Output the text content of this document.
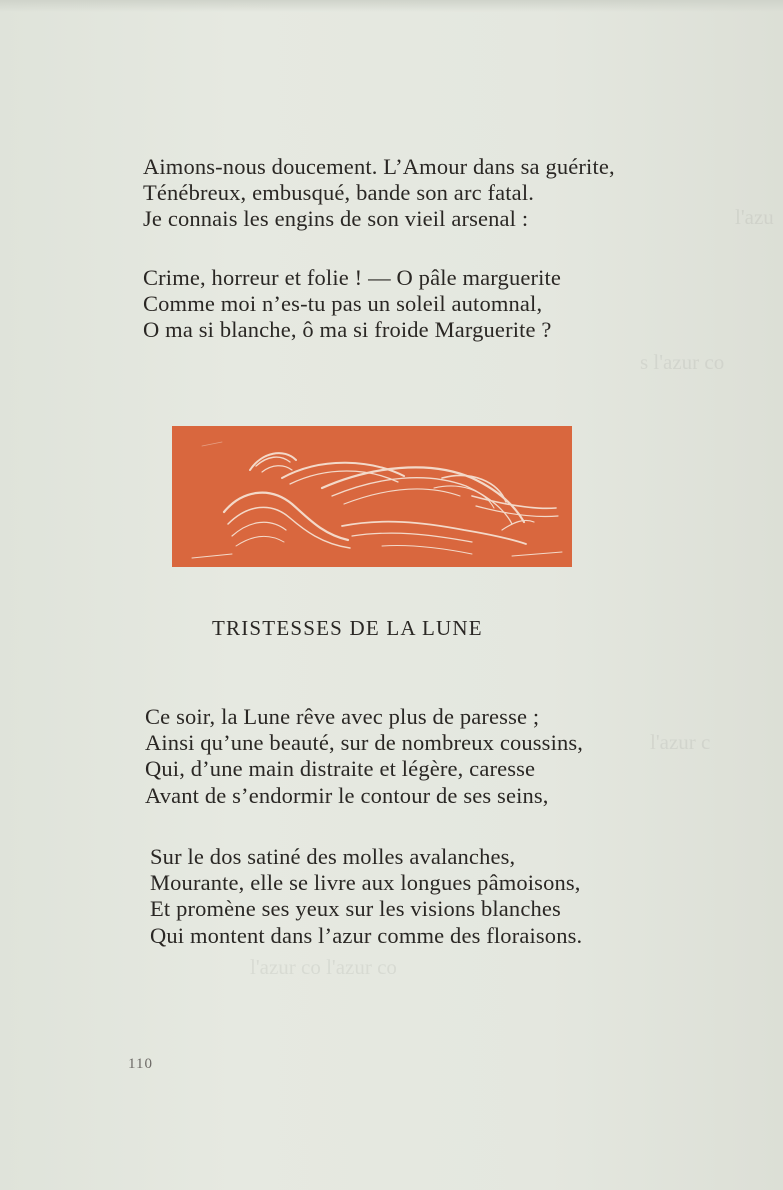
l'azu
s l'azur co
l'azur c
l'azur co l'azur co
Aimons-nous doucement. L’Amour dans sa guérite,
Ténébreux, embusqué, bande son arc fatal.
Je connais les engins de son vieil arsenal :
Crime, horreur et folie ! — O pâle marguerite
Comme moi n’es-tu pas un soleil automnal,
O ma si blanche, ô ma si froide Marguerite ?
TRISTESSES DE LA LUNE
Ce soir, la Lune rêve avec plus de paresse ;
Ainsi qu’une beauté, sur de nombreux coussins,
Qui, d’une main distraite et légère, caresse
Avant de s’endormir le contour de ses seins,
Sur le dos satiné des molles avalanches,
Mourante, elle se livre aux longues pâmoisons,
Et promène ses yeux sur les visions blanches
Qui montent dans l’azur comme des floraisons.
110
